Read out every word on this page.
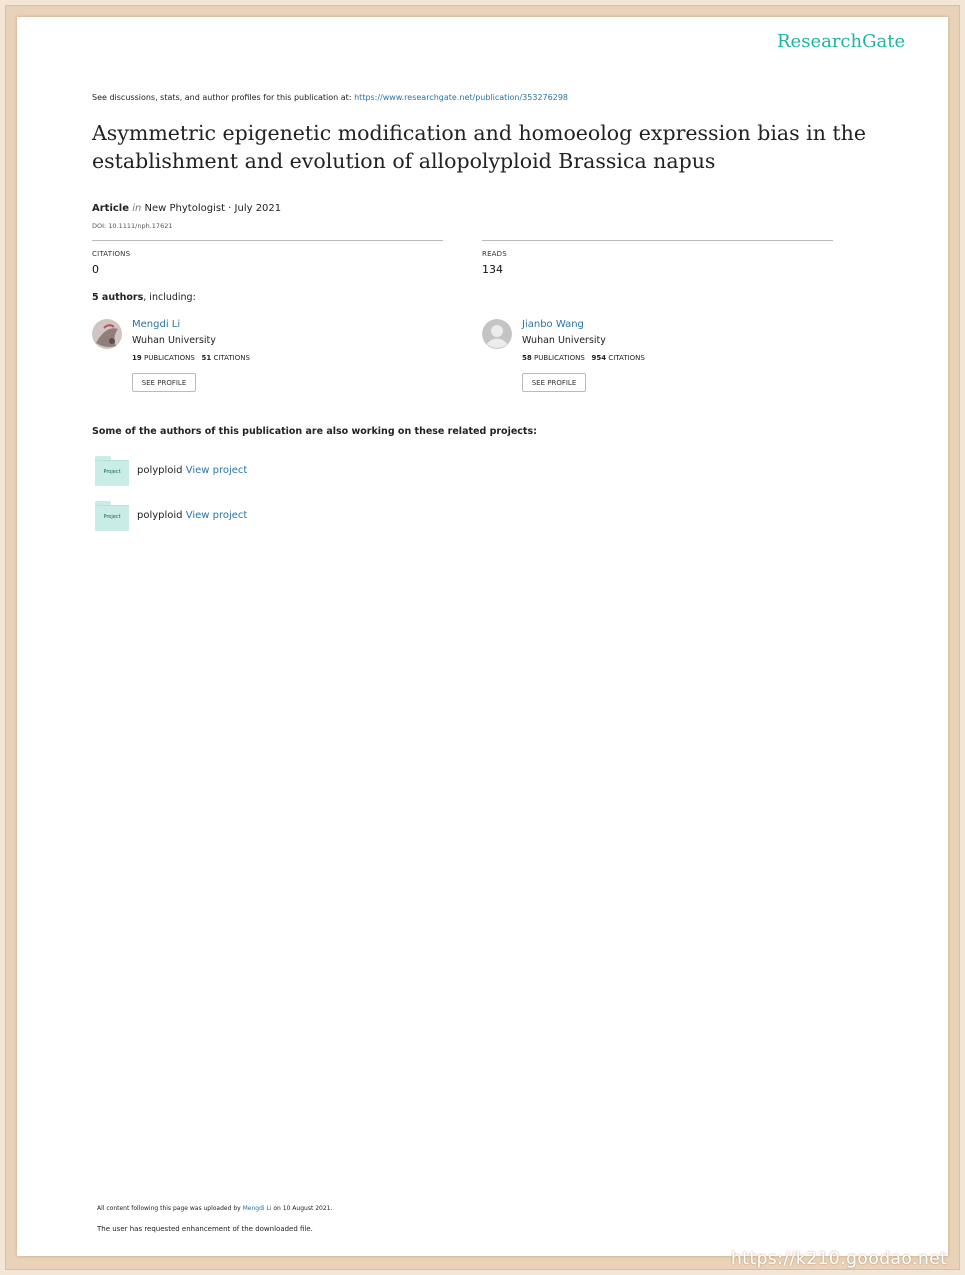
ResearchGate
See discussions, stats, and author profiles for this publication at: https://www.researchgate.net/publication/353276298
Asymmetric epigenetic modification and homoeolog expression bias in the establishment and evolution of allopolyploid Brassica napus
Article in New Phytologist · July 2021
DOI: 10.1111/nph.17621
CITATIONS
0
READS
134
5 authors, including:
Mengdi Li
Wuhan University
19 PUBLICATIONS 51 CITATIONS
SEE PROFILE
Jianbo Wang
Wuhan University
58 PUBLICATIONS 954 CITATIONS
SEE PROFILE
Some of the authors of this publication are also working on these related projects:
Project	polyploid View project
Project	polyploid View project
All content following this page was uploaded by Mengdi Li on 10 August 2021.
The user has requested enhancement of the downloaded file.
https://k210.goodao.net
